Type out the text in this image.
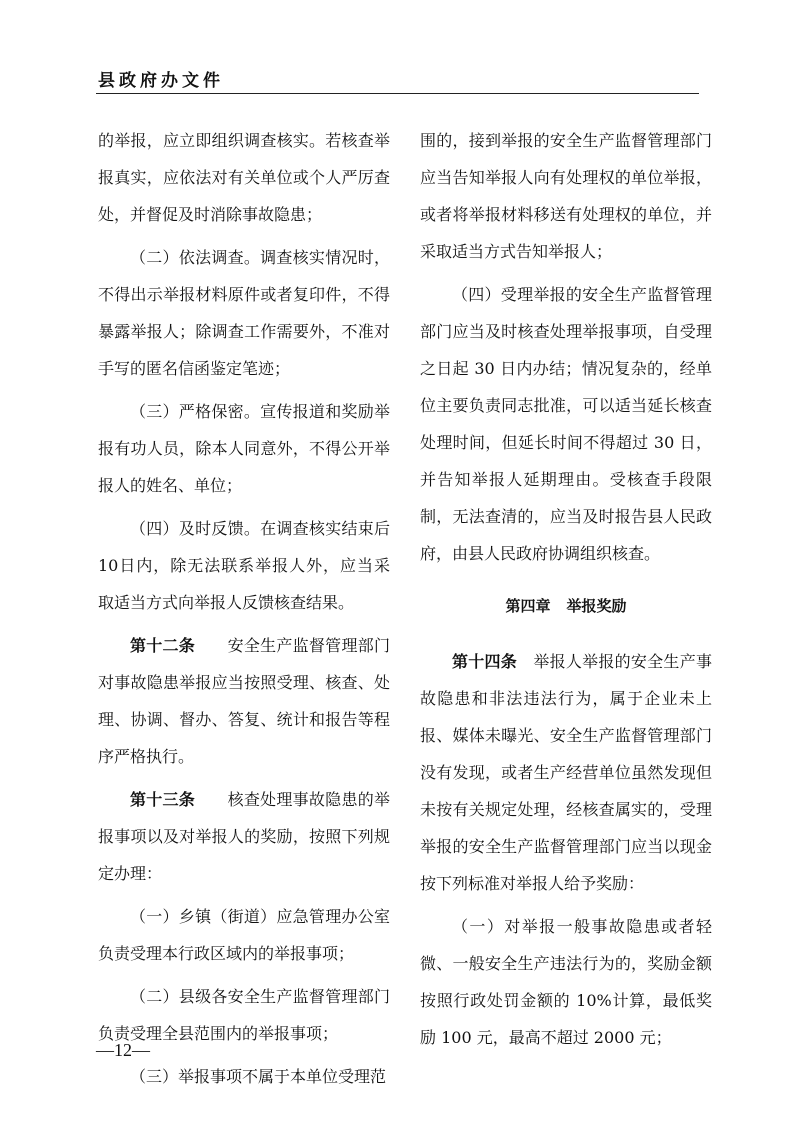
县政府办文件

的举报，应立即组织调查核实。若核查举报真实，应依法对有关单位或个人严厉查处，并督促及时消除事故隐患；

（二）依法调查。调查核实情况时，不得出示举报材料原件或者复印件，不得暴露举报人；除调查工作需要外，不准对手写的匿名信函鉴定笔迹；

（三）严格保密。宣传报道和奖励举报有功人员，除本人同意外，不得公开举报人的姓名、单位；

（四）及时反馈。在调查核实结束后10日内，除无法联系举报人外，应当采取适当方式向举报人反馈核查结果。

第十二条　　 安全生产监督管理部门对事故隐患举报应当按照受理、核查、处理、协调、督办、答复、统计和报告等程序严格执行。

第十三条　　 核查处理事故隐患的举报事项以及对举报人的奖励，按照下列规定办理：

（一）乡镇（街道）应急管理办公室负责受理本行政区域内的举报事项；

（二）县级各安全生产监督管理部门负责受理全县范围内的举报事项；

（三）举报事项不属于本单位受理范

围的，接到举报的安全生产监督管理部门应当告知举报人向有处理权的单位举报，或者将举报材料移送有处理权的单位，并采取适当方式告知举报人；

（四）受理举报的安全生产监督管理部门应当及时核查处理举报事项，自受理之日起 30 日内办结；情况复杂的，经单位主要负责同志批准，可以适当延长核查处理时间，但延长时间不得超过 30 日，并告知举报人延期理由。受核查手段限制，无法查清的，应当及时报告县人民政府，由县人民政府协调组织核查。

第四章 举报奖励

第十四条　 举报人举报的安全生产事故隐患和非法违法行为，属于企业未上报、媒体未曝光、安全生产监督管理部门没有发现，或者生产经营单位虽然发现但未按有关规定处理，经核查属实的，受理举报的安全生产监督管理部门应当以现金按下列标准对举报人给予奖励：

（一）对举报一般事故隐患或者轻微、一般安全生产违法行为的，奖励金额按照行政处罚金额的 10%计算，最低奖励 100 元，最高不超过 2000 元；

—12—
